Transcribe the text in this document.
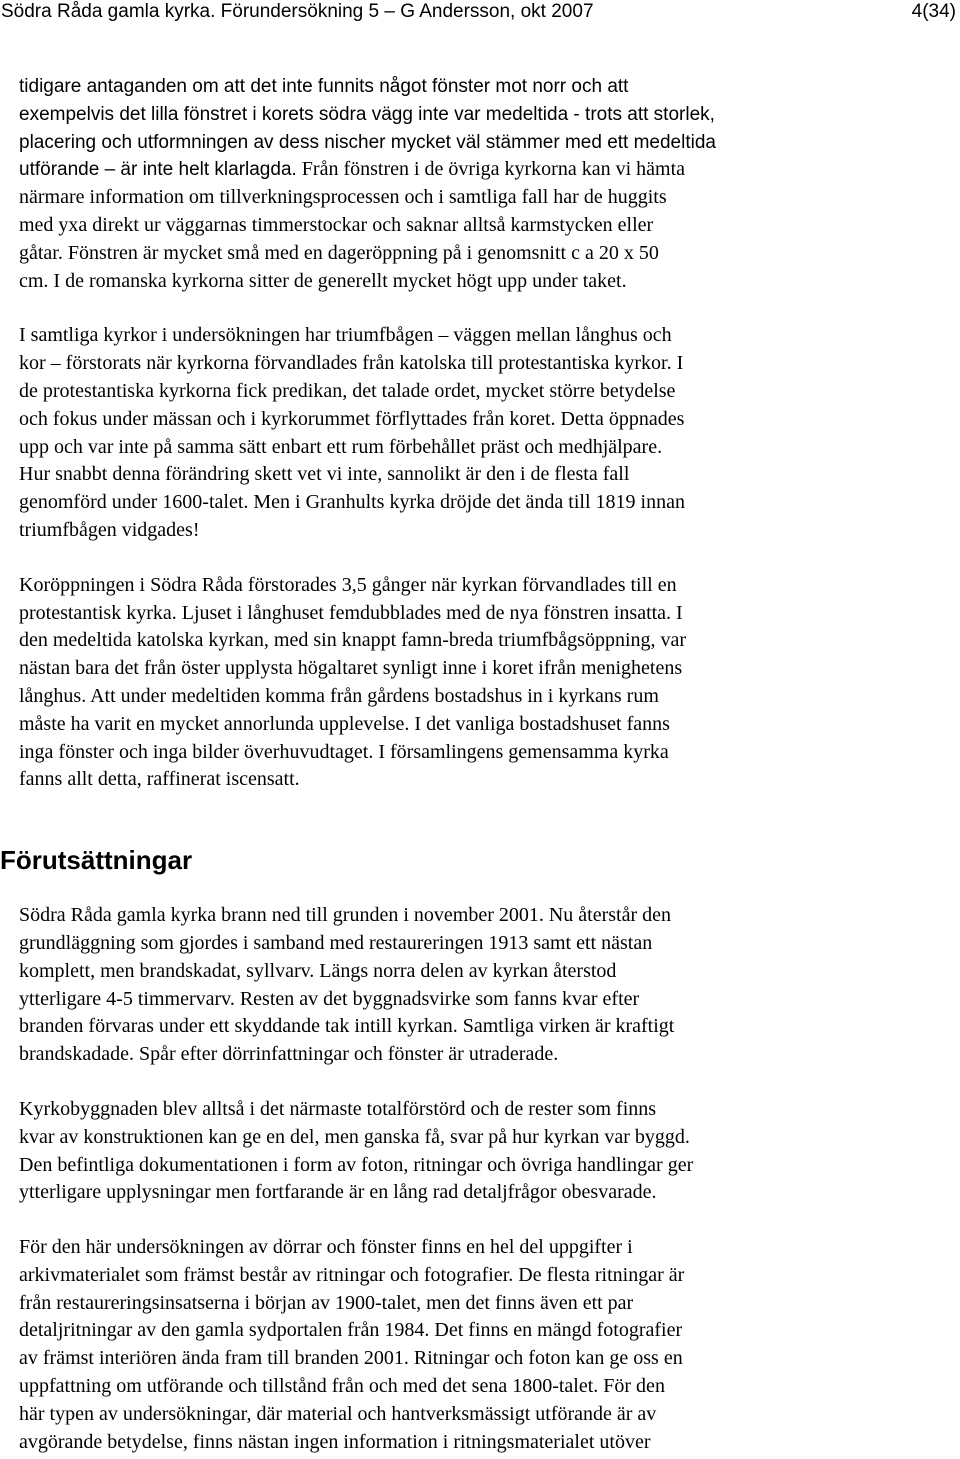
Södra Råda gamla kyrka. Förundersökning 5 – G Andersson, okt 2007	4(34)

tidigare antaganden om att det inte funnits något fönster mot norr och att

exempelvis det lilla fönstret i korets södra vägg inte var medeltida - trots att storlek,

placering och utformningen av dess nischer mycket väl stämmer med ett medeltida

utförande – är inte helt klarlagda. Från fönstren i de övriga kyrkorna kan vi hämta

närmare information om tillverkningsprocessen och i samtliga fall har de huggits

med yxa direkt ur väggarnas timmerstockar och saknar alltså karmstycken eller

gåtar. Fönstren är mycket små med en dageröppning på i genomsnitt c a 20 x 50

cm. I de romanska kyrkorna sitter de generellt mycket högt upp under taket.

I samtliga kyrkor i undersökningen har triumfbågen – väggen mellan långhus och

kor – förstorats när kyrkorna förvandlades från katolska till protestantiska kyrkor. I

de protestantiska kyrkorna fick predikan, det talade ordet, mycket större betydelse

och fokus under mässan och i kyrkorummet förflyttades från koret. Detta öppnades

upp och var inte på samma sätt enbart ett rum förbehållet präst och medhjälpare.

Hur snabbt denna förändring skett vet vi inte, sannolikt är den i de flesta fall

genomförd under 1600-talet. Men i Granhults kyrka dröjde det ända till 1819 innan

triumfbågen vidgades!

Koröppningen i Södra Råda förstorades 3,5 gånger när kyrkan förvandlades till en

protestantisk kyrka. Ljuset i långhuset femdubblades med de nya fönstren insatta. I

den medeltida katolska kyrkan, med sin knappt famn-breda triumfbågsöppning, var

nästan bara det från öster upplysta högaltaret synligt inne i koret ifrån menighetens

långhus. Att under medeltiden komma från gårdens bostadshus in i kyrkans rum

måste ha varit en mycket annorlunda upplevelse. I det vanliga bostadshuset fanns

inga fönster och inga bilder överhuvudtaget. I församlingens gemensamma kyrka

fanns allt detta, raffinerat iscensatt.

Förutsättningar

Södra Råda gamla kyrka brann ned till grunden i november 2001. Nu återstår den

grundläggning som gjordes i samband med restaureringen 1913 samt ett nästan

komplett, men brandskadat, syllvarv. Längs norra delen av kyrkan återstod

ytterligare 4-5 timmervarv. Resten av det byggnadsvirke som fanns kvar efter

branden förvaras under ett skyddande tak intill kyrkan. Samtliga virken är kraftigt

brandskadade. Spår efter dörrinfattningar och fönster är utraderade.

Kyrkobyggnaden blev alltså i det närmaste totalförstörd och de rester som finns

kvar av konstruktionen kan ge en del, men ganska få, svar på hur kyrkan var byggd.

Den befintliga dokumentationen i form av foton, ritningar och övriga handlingar ger

ytterligare upplysningar men fortfarande är en lång rad detaljfrågor obesvarade.

För den här undersökningen av dörrar och fönster finns en hel del uppgifter i

arkivmaterialet som främst består av ritningar och fotografier. De flesta ritningar är

från restaureringsinsatserna i början av 1900-talet, men det finns även ett par

detaljritningar av den gamla sydportalen från 1984. Det finns en mängd fotografier

av främst interiören ända fram till branden 2001. Ritningar och foton kan ge oss en

uppfattning om utförande och tillstånd från och med det sena 1800-talet. För den

här typen av undersökningar, där material och hantverksmässigt utförande är av

avgörande betydelse, finns nästan ingen information i ritningsmaterialet utöver
